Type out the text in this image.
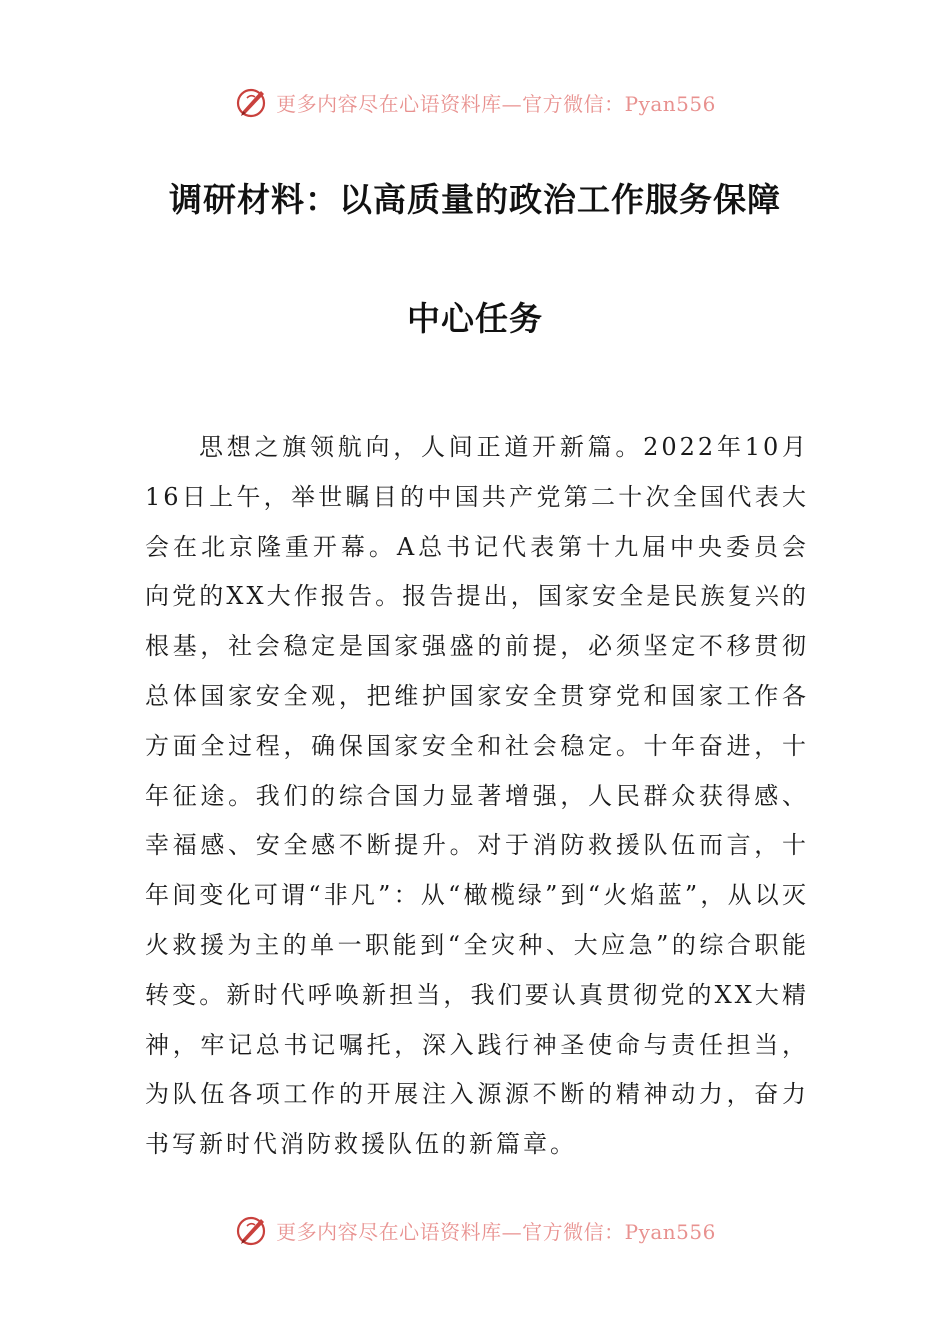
更多内容尽在心语资料库—官方微信：Pyan556
调研材料：以高质量的政治工作服务保障
中心任务

思想之旗领航向，人间正道开新篇。2022年10月16日上午，举世瞩目的中国共产党第二十次全国代表大会在北京隆重开幕。A总书记代表第十九届中央委员会向党的XX大作报告。报告提出，国家安全是民族复兴的根基，社会稳定是国家强盛的前提，必须坚定不移贯彻总体国家安全观，把维护国家安全贯穿党和国家工作各方面全过程，确保国家安全和社会稳定。十年奋进，十年征途。我们的综合国力显著增强，人民群众获得感、幸福感、安全感不断提升。对于消防救援队伍而言，十年间变化可谓“非凡”：从“橄榄绿”到“火焰蓝”，从以灭火救援为主的单一职能到“全灾种、大应急”的综合职能转变。新时代呼唤新担当，我们要认真贯彻党的XX大精神，牢记总书记嘱托，深入践行神圣使命与责任担当，为队伍各项工作的开展注入源源不断的精神动力，奋力书写新时代消防救援队伍的新篇章。

更多内容尽在心语资料库—官方微信：Pyan556
